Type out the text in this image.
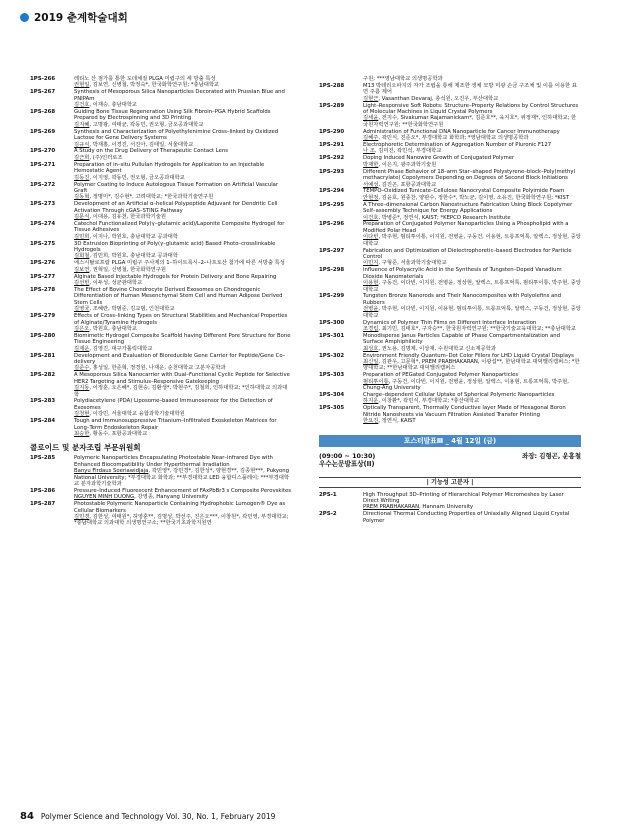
2019 춘계학술대회
1PS-266	레티노 산 점가를 통한 도데체질 PLGA 미립구의 세 방출 특성
권현일, 김보연, 신병철, 박정숙*, 한국화학연구원; *충남대학교
1PS-267	Synthesis of Mesoporous Silica Nanoparticles Decorated with Prussian Blue and PNIPAm
김건호, 이재승, 충남대학교
1PS-268	Guiding Bone Tissue Regeneration Using Silk Fibroin–PGA Hybrid Scaffolds Prepared by Electrospinning and 3D Printing
김지혜, 고명광, 여태균, 곽동민, 권오형, 금오공과대학교
1PS-269	Synthesis and Characterization of Polyethylenimine Cross–linked by Oxidized Lactose for Gene Delivery Systems
김규식, 박재홍, 이경진, 서진아, 김태일, 서울대학교
1PS-270	A Study on the Drug Delivery of Therapeutic Contact Lens
김근희, (주)인터로조
1PS-271	Preparation of in–situ Pullulan Hydrogels for Application to an Injectable Hemostatic Agent
김동진, 이지영, 곽동민, 권오형, 금오공과대학교
1PS-272	Polymer Coating to Induce Autologous Tissue Formation on Artificial Vascular Graft
김동혁, 정명미*, 김수현*, 고려대학교; *한국과학기술연구원
1PS-273	Development of an Artificial α–helical Polypeptide Adjuvant for Dendritic Cell Activation Through cGAS–STING Pathway
김문식, 이대용, 김유천, 한국과학기술원
1PS-274	Catechol Functionalized Poly(γ–glutamic acid)/Laponite Composite Hydrogel for Tissue Adhesives
김민희, 이지나, 박원호, 충남대학교 공과대학
1PS-275	3D Extrusion Bioprinting of Poly(γ–glutamic acid) Based Photo–crosslinkable Hydrogels
김회철, 김민희, 박원호, 충남대학교 공과대학
1PS-276	에스시탈로프람 PLGA 미립구 주사제의 1–하이트록시–2–나프토산 첨가에 따른 서방출 특성
김보연, 권혁일, 신병철, 한국화학연구원
1PS-277	Alginate Based Injectable Hydrogels for Protein Delivery and Bone Repairing
김선빈, 이두성, 성균관대학교
1PS-278	The Effect of Bovine Chondrocyte Derived Exosomes on Chondrogenic Differentiation of Human Mesenchymal Stem Cell and Human Adipose Derived Stem Cells
김영국, 조혜란, 박범준, 김교범, 인천대학교
1PS-279	Effects of Cross–linking Types on Structural Stabilities and Mechanical Properties of Alginate/Tyramine Hydrogels
김은오, 박원호, 충남대학교
1PS-280	Biomimetic Hydrogel Composite Scaffold having Different Pore Structure for Bone Tissue Engineering
김재운, 김영진, 대구가톨릭대학교
1PS-281	Development and Evaluation of Bioreducible Gene Carrier for Peptide/Gene Co–delivery
김준수, 홍성일, 한준혁, 정경원, 나재운, 순천대학교 고분자공학과
1PS-282	A Mesoporous Silica Nanocarrier with Dual–Functional Cyclic Peptide for Selective HER2 Targeting and Stimulus–Responsive Gatekeeping
김지동, 이정훈, 오은혜*, 김현숭, 김환생*, 박현주*, 김철희, 인하대학교; *인하대학교 의과대학
1PS-283	Polydiacetylene (PDA) Liposome–based Immunosensor for the Detection of Exosomes
김청현, 이강민, 서울대학교 융합과학기술대학원
1PS-284	Tough and Immunosuppressive Titanium–Infiltrated Exoskeleton Matrices for Long–Term Endoskeleton Repair
최승한, 황동수, 포항공과대학교
콜로이드 및 분자조립 부문위원회
1PS-285	Polymeric Nanoparticles Encapsulating Photostable Near–infrared Dye with Enhanced Biocompatibility Under Hyperthermal Irradiation
Banyu Firdaus Soeriawidjaja, 곽민영*, 강민경*, 김한성*, 양현경**, 김종현***, Pukyong National University; *부경대학교 화학과; **부경대학교 LED 융합디스플레이; ***부경대학교 분자과학기술학과
1PS-286	Pressure–Induced Fluorescent Enhancement of FAxPbBr3 s Composite Perovskites
NGUYEN MINH DUONG, 강영종, Hanyang University
1PS-287	Photostable Polymeric Nanoparticle Containing Hydrophobic Lumogen® Dye as Cellular Biomarkers
김민경, 김한성, 여태원*, 허영훈**, 김명성, 박선주, 진은오***, 이창원*, 곽민영, 부경대학교; *충남대학교 의과대학 의생명연구소; **한국기초과학지원연
구원; ***영남대학교 의생명공학과
1PS-288	M13 박테리오파지의 자가 조립을 통해 제조한 생체 모방 미광 손금 구조체 및 이를 이용한 표면 주름 제어
김현근, Vasanthan Devaraj, 총석원, 오진우, 부산대학교
1PS-289	Light–Responsive Soft Robots: Structure–Property Relations by Control Structures of Molecular Machines in Liquid Crystal Polymers
김세윤, 전지수, Sivakumar Rajamanickam*, 김준호**, 육지호*, 위정재*, 인하대학교; 한국원자력연구원; **한국화학연구원
1PS-290	Administration of Functional DNA Nanoparticle for Cancer Immunotherapy
김혜주, 곽민식, 진준오*, 부경대학교 화학과; *영남대학교 의생명공학과
1PS-291	Electrophoretic Determination of Aggregation Number of Pluronic F127
나 조, 김미진, 곽민석, 부경대학교
1PS-292	Doping Induced Nanowire Growth of Conjugated Polymer
박재한, 이은지, 광주과학기술원
1PS-293	Different Phase Behavior of 18–arm Star–shaped Polystyrene–block–Poly(methyl methacrylate) Copolymers Depending on Degrees of Second Block Initiations
서예성, 김진곤, 포항공과대학교
1PS-294	TEMPO–Oxidized Tunicate–Cellulose Nanocrystal Composite Polyimide Foam
안현정, 김윤호, 원종찬, 양관수, 정한수*, 박노균, 김이영, 소유진, 한국화학연구원; *KIST
1PS-295	A Three–dimensional Carbon Nanostructure Fabrication Using Block Copolymer Self–assembly Technique for Energy Applications
이건호, 박병준*, 정연식, KAIST; *KEPCO Research Institute
1PS-296	Preparation of Conjugated Polymer Nanoparticles Using a Phospholipid with a Modified Polar Head
이다빈, 박주현, 펌티투이통, 이지원, 전병윤, 구동건, 이용현, 트롱프억툭, 알렉스, 정상현, 중앙대학교
1PS-297	Fabrication and Optimization of Dielectrophoretic–based Electrodes for Particle Control
이민지, 구형준, 서울과학기술대학교
1PS-298	Influence of Polyacrylic Acid in the Synthesis of Tungsten–Doped Vanadium Dioxide Nanomaterials
이용현, 구동건, 이다빈, 이지원, 전병윤, 정상현, 알렉스, 트롱프억툭, 펌티투이통, 박주현, 중앙대학교
1PS-299	Tungsten Bronze Nanorods and Their Nanocomposites with Polyolefins and Rubbers
전병윤, 박주현, 이다빈, 이지원, 이용현, 펌티투이통, 트롱프억툭, 알렉스, 구동건, 정상현, 중앙대학교
1PS-300	Dynamics of Polymer Thin Films on Different Interface Interaction
조경림, 최기민, 김태호*, 구자승**, 한국원자력연구원; **한국기술교육대학교; **충남대학교
1PS-301	Monodisperse Janus Particles Capable of Phase Compartmentalization and Surface Amphiphilicity
최성호, 권노용, 김명제, 이상재, 수원대학교 신소재공학과
1PS-302	Environment Friendly Quantum–Dot Color Fillers for LHD Liquid Crystal Displays
최신일, 김관우, 고문혁*, PREM PRABHAKARAN, 이광섭**, 한남대학교 대덕밸리캠퍼스; *한양대학교; **한남대학교 대덕밸리캠퍼스
1PS-303	Preparation of PEGated Conjugated Polymer Nanoparticles
펌티투이통, 구동건, 이다빈, 이지원, 전병윤, 정상현, 알렉스, 이용현, 트롱프억툭, 박주현, Chung-Ang University
1PS-304	Charge–dependent Cellular Uptake of Spherical Polymeric Nanoparticles
하지운, 이창환*, 곽민식, 부경대학교; *충산대학교
1PS-305	Optically Transparent, Thermally Conductive layer Made of Hexagonal Boron Nitride Nanosheets via Vacuum Filtration Assisted Transfer Printing
한요진, 정연식, KAIST
포스터발표Ⅲ _ 4월 12일 (금)
(09:00 ∼ 10:30)	좌장: 김형곤, 운홍철
우수논문발표상(II)
| 기능성 고분자 |
2PS-1	High Throughput 3D–Printing of Hierarchical Polymer Micromeshes by Laser Direct Writing
PREM PRABHAKARAN, Hannam University
2PS-2	Directional Thermal Conducting Properties of Uniaxially Aligned Liquid Crystal Polymer
84 Polymer Science and Technology Vol. 30, No. 1, February 2019
